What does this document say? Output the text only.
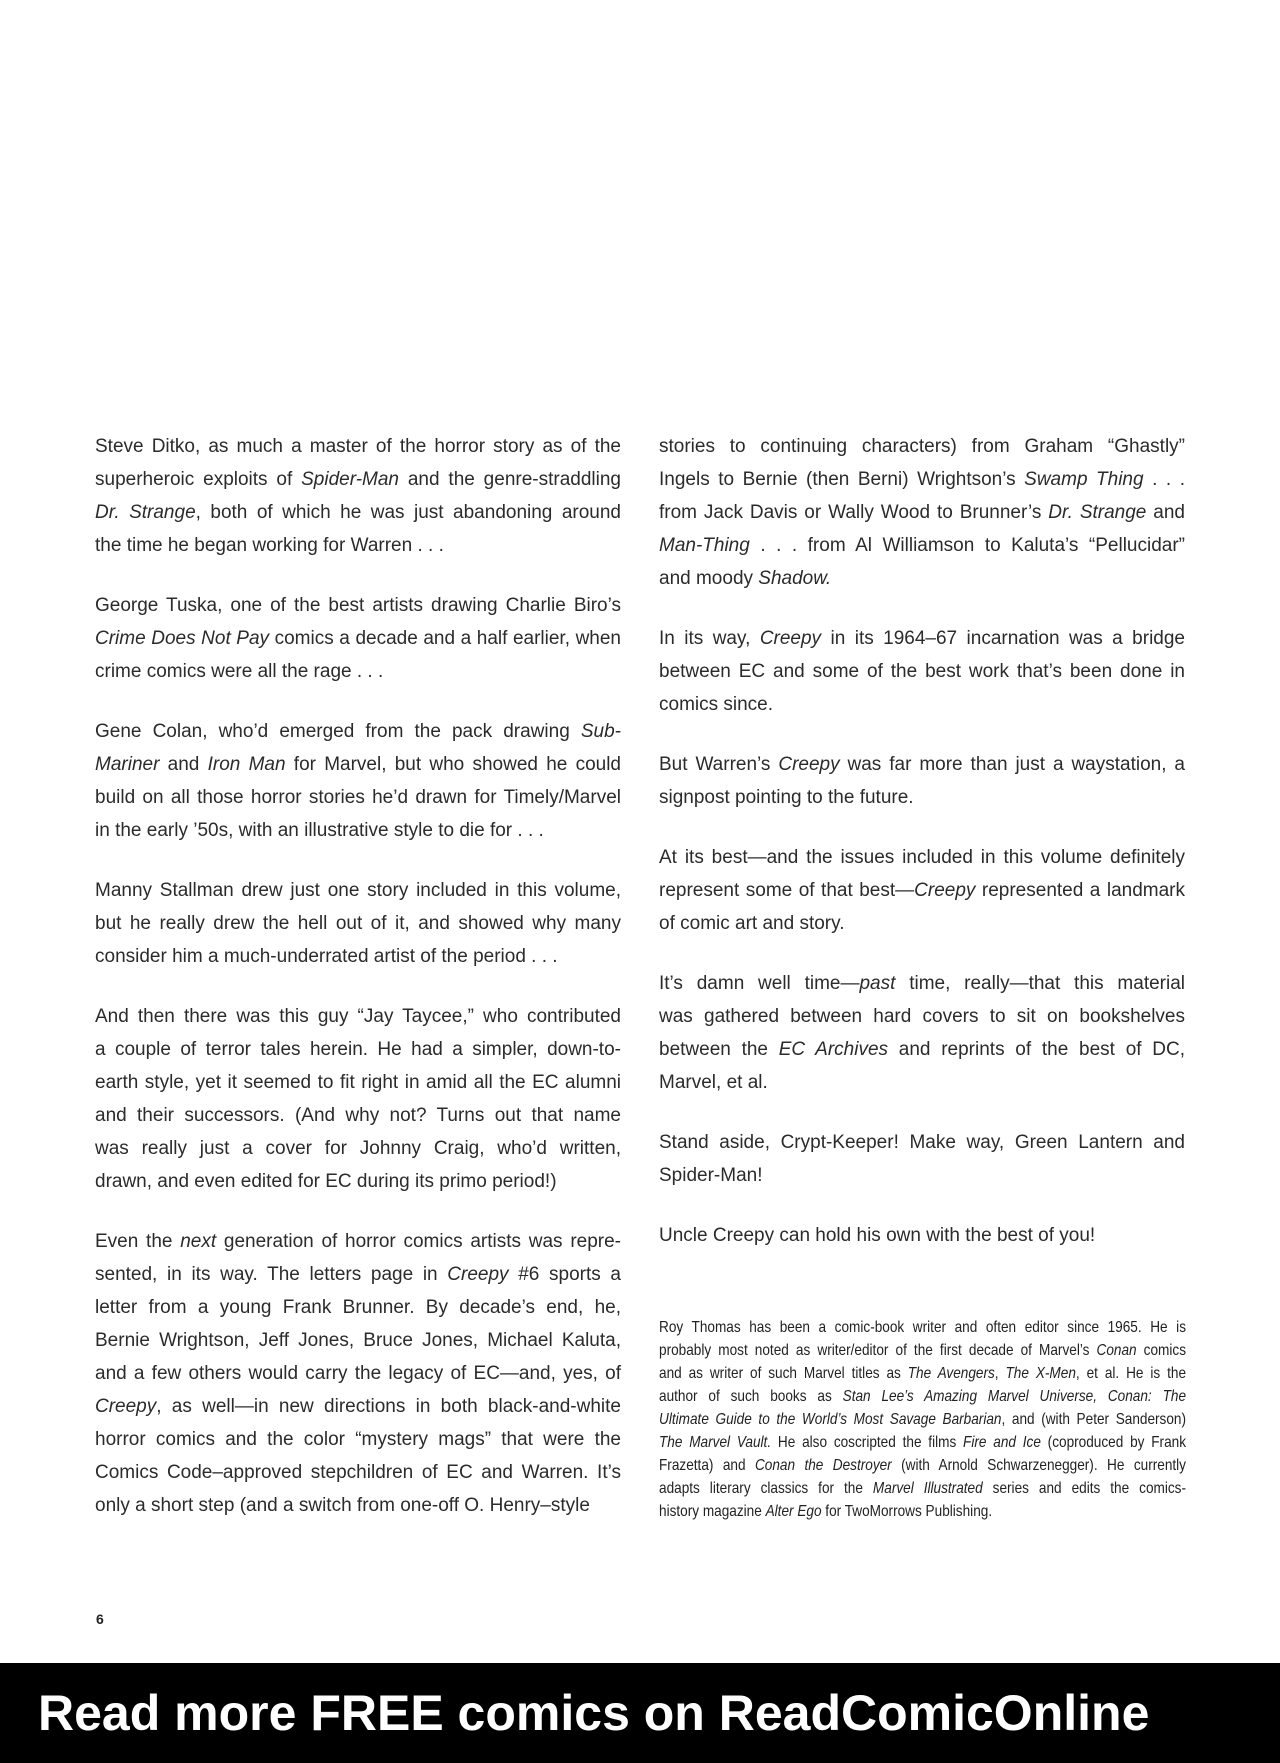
Steve Ditko, as much a master of the horror story as of the
superheroic exploits of Spider-Man and the genre-straddling
Dr. Strange, both of which he was just abandoning around
the time he began working for Warren . . .
George Tuska, one of the best artists drawing Charlie Biro’s
Crime Does Not Pay comics a decade and a half earlier, when
crime comics were all the rage . . .
Gene Colan, who’d emerged from the pack drawing Sub-
Mariner and Iron Man for Marvel, but who showed he could
build on all those horror stories he’d drawn for Timely/Marvel
in the early ’50s, with an illustrative style to die for . . .
Manny Stallman drew just one story included in this volume,
but he really drew the hell out of it, and showed why many
consider him a much-underrated artist of the period . . .
And then there was this guy “Jay Taycee,” who contributed
a couple of terror tales herein. He had a simpler, down-to-
earth style, yet it seemed to fit right in amid all the EC alumni
and their successors. (And why not? Turns out that name
was really just a cover for Johnny Craig, who’d written,
drawn, and even edited for EC during its primo period!)
Even the next generation of horror comics artists was repre-
sented, in its way. The letters page in Creepy #6 sports a
letter from a young Frank Brunner. By decade’s end, he,
Bernie Wrightson, Jeff Jones, Bruce Jones, Michael Kaluta,
and a few others would carry the legacy of EC—and, yes, of
Creepy, as well—in new directions in both black-and-white
horror comics and the color “mystery mags” that were the
Comics Code–approved stepchildren of EC and Warren. It’s
only a short step (and a switch from one-off O. Henry–style
stories to continuing characters) from Graham “Ghastly”
Ingels to Bernie (then Berni) Wrightson’s Swamp Thing . . .
from Jack Davis or Wally Wood to Brunner’s Dr. Strange and
Man-Thing . . . from Al Williamson to Kaluta’s “Pellucidar”
and moody Shadow.
In its way, Creepy in its 1964–67 incarnation was a bridge
between EC and some of the best work that’s been done in
comics since.
But Warren’s Creepy was far more than just a waystation, a
signpost pointing to the future.
At its best—and the issues included in this volume definitely
represent some of that best—Creepy represented a landmark
of comic art and story.
It’s damn well time—past time, really—that this material
was gathered between hard covers to sit on bookshelves
between the EC Archives and reprints of the best of DC,
Marvel, et al.
Stand aside, Crypt-Keeper! Make way, Green Lantern and
Spider-Man!
Uncle Creepy can hold his own with the best of you!
Roy Thomas has been a comic-book writer and often editor since 1965. He is
probably most noted as writer/editor of the first decade of Marvel’s Conan comics
and as writer of such Marvel titles as The Avengers, The X-Men, et al. He is the
author of such books as Stan Lee’s Amazing Marvel Universe, Conan: The
Ultimate Guide to the World’s Most Savage Barbarian, and (with Peter Sanderson)
The Marvel Vault. He also coscripted the films Fire and Ice (coproduced by Frank
Frazetta) and Conan the Destroyer (with Arnold Schwarzenegger). He currently
adapts literary classics for the Marvel Illustrated series and edits the comics-
history magazine Alter Ego for TwoMorrows Publishing.
6
Read more FREE comics on ReadComicOnline
